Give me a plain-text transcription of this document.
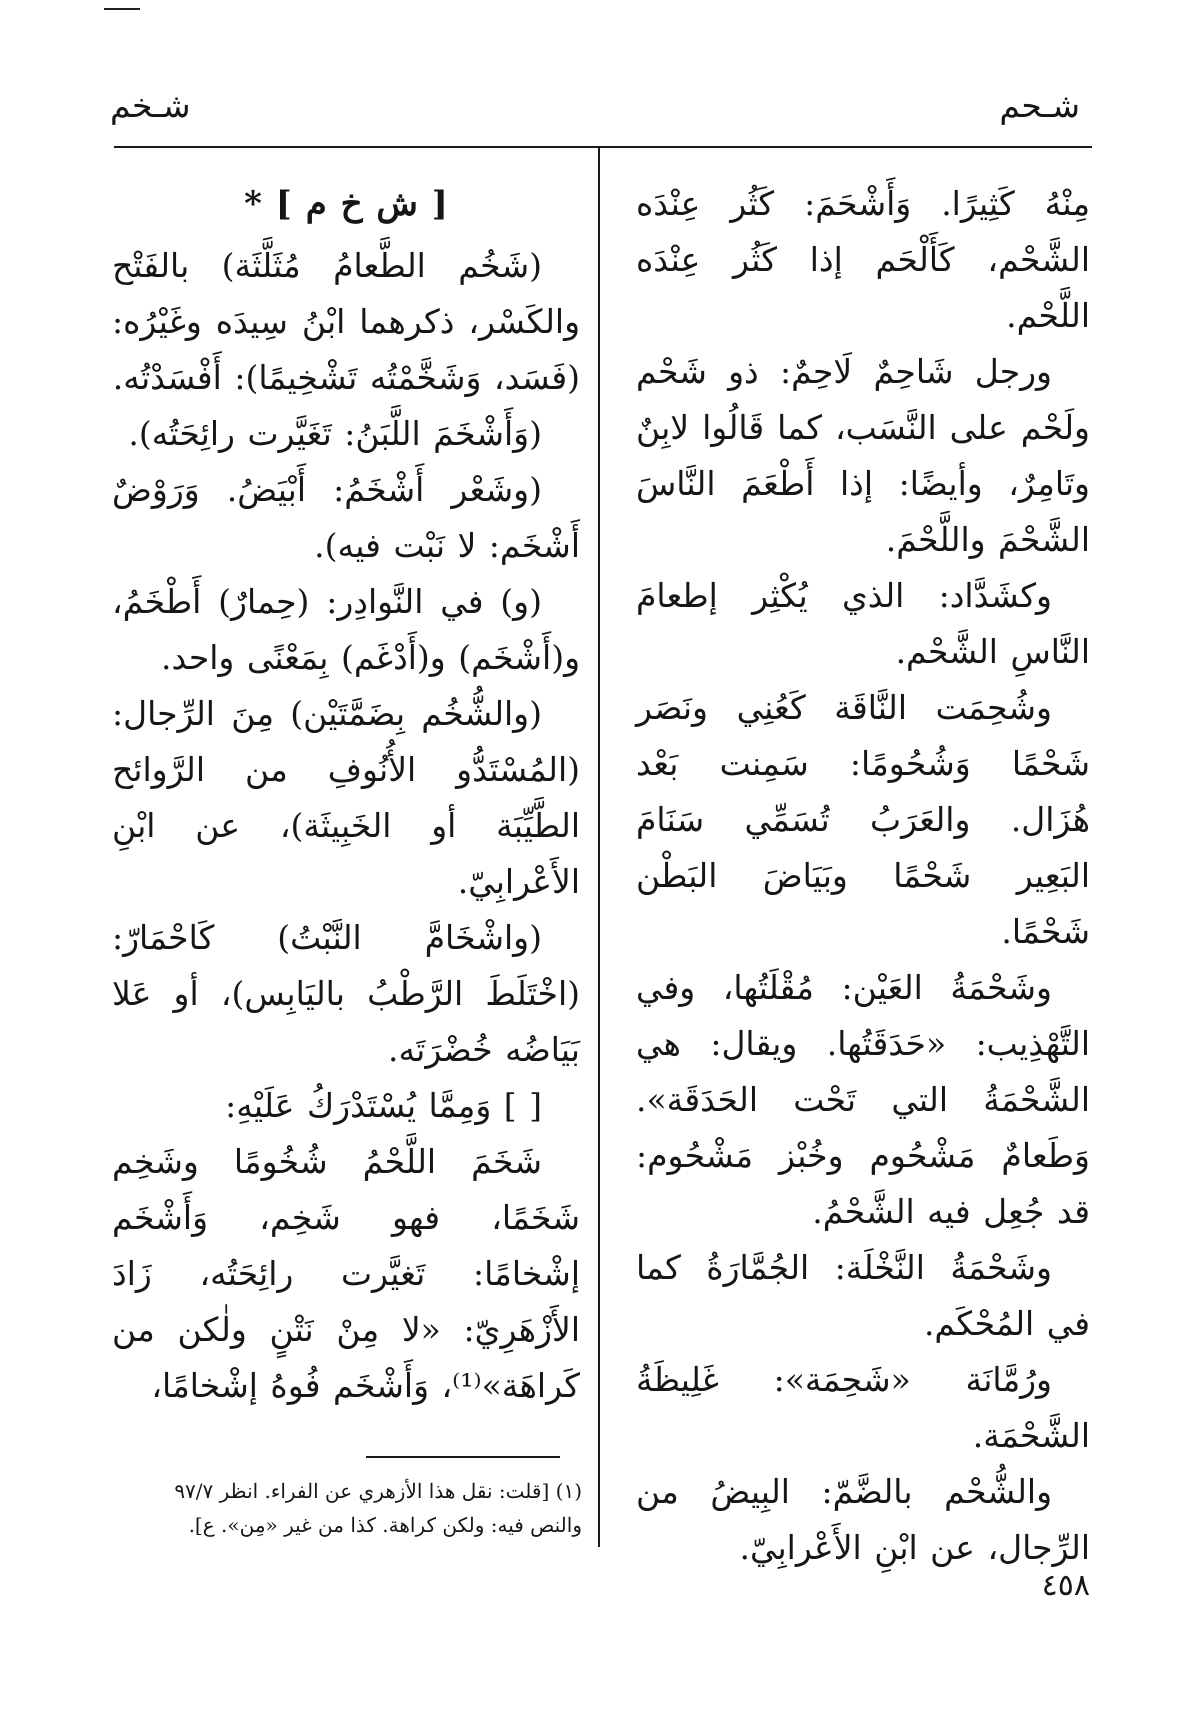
شـحم
شـخم

مِنْهُ كَثِيرًا. وَأَشْحَمَ: كَثُر عِنْدَه الشَّحْم، كَأَلْحَم إذا كَثُر عِنْدَه اللَّحْم.

ورجل شَاحِمٌ لَاحِمٌ: ذو شَحْم ولَحْم على النَّسَب، كما قَالُوا لابِنٌ وتَامِرٌ، وأيضًا: إذا أَطْعَمَ النَّاسَ الشَّحْمَ واللَّحْمَ.

وكشَدَّاد: الذي يُكْثِر إطعامَ النَّاسِ الشَّحْم.

وشُحِمَت النَّاقَة كَعُنِي ونَصَر شَحْمًا وَشُحُومًا: سَمِنت بَعْد هُزَال. والعَرَبُ تُسَمِّي سَنَامَ البَعِير شَحْمًا وبَيَاضَ البَطْن شَحْمًا.

وشَحْمَةُ العَيْن: مُقْلَتُها، وفي التَّهْذِيب: «حَدَقَتُها. ويقال: هي الشَّحْمَةُ التي تَحْت الحَدَقَة». وَطَعامٌ مَشْحُوم وخُبْز مَشْحُوم: قد جُعِل فيه الشَّحْمُ.

وشَحْمَةُ النَّخْلَة: الجُمَّارَةُ كما في المُحْكَم.

ورُمَّانَة «شَحِمَة»: غَلِيظَةُ الشَّحْمَة.

والشُّحْم بالضَّمّ: البِيضُ من الرِّجال، عن ابْنِ الأَعْرابِيّ.

[ ش خ م ] *

(شَخُم الطَّعامُ مُثَلَّثَة) بالفَتْح والكَسْر، ذكرهما ابْنُ سِيدَه وغَيْرُه: (فَسَد، وَشَخَّمْتُه تَشْخِيمًا): أَفْسَدْتُه.

(وَأَشْخَمَ اللَّبَنُ: تَغَيَّرت رائِحَتُه).

(وشَعْر أَشْخَمُ: أَبْيَضُ. وَرَوْضٌ أَشْخَم: لا نَبْت فيه).

(و) في النَّوادِر: (حِمارٌ) أَطْخَمُ، و(أَشْخَم) و(أَدْغَم) بِمَعْنًى واحد.

(والشُّخُم بِضَمَّتَيْن) مِنَ الرِّجال: (المُسْتَدُّو الأُنُوفِ من الرَّوائح الطَّيِّبَة أو الخَبِيثَة)، عن ابْنِ الأَعْرابِيّ.

(واشْخَامَّ النَّبْتُ) كَاحْمَارّ: (اخْتَلَطَ الرَّطْبُ باليَابِس)، أو عَلا بَيَاضُه خُضْرَتَه.

[ ] وَمِمَّا يُسْتَدْرَكُ عَلَيْهِ:

شَخَمَ اللَّحْمُ شُخُومًا وشَخِم شَخَمًا، فهو شَخِم، وَأَشْخَم إشْخامًا: تَغيَّرت رائِحَتُه، زَادَ الأَزْهَرِيّ: «لا مِنْ نَتْنٍ ولٰكن من كَراهَة»⁽¹⁾، وَأَشْخَم فُوهُ إشْخامًا،

(١) [قلت: نقل هذا الأزهري عن الفراء. انظر ٩٧/٧

والنص فيه: ولكن كراهة. كذا من غير «مِن». ع].

٤٥٨
